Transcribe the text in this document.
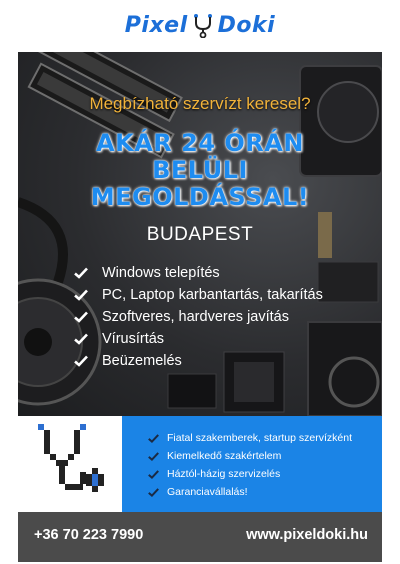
Pixel Doki
Megbízható szervízt keresel?
AKÁR 24 ÓRÁN
BELÜLI
MEGOLDÁSSAL!
BUDAPEST
Windows telepítés
PC, Laptop karbantartás, takarítás
Szoftveres, hardveres javítás
Vírusírtás
Beüzemelés
Fiatal szakemberek, startup szervízként
Kiemelkedő szakértelem
Háztól-házig szervizelés
Garanciavállalás!
+36 70 223 7990	www.pixeldoki.hu
